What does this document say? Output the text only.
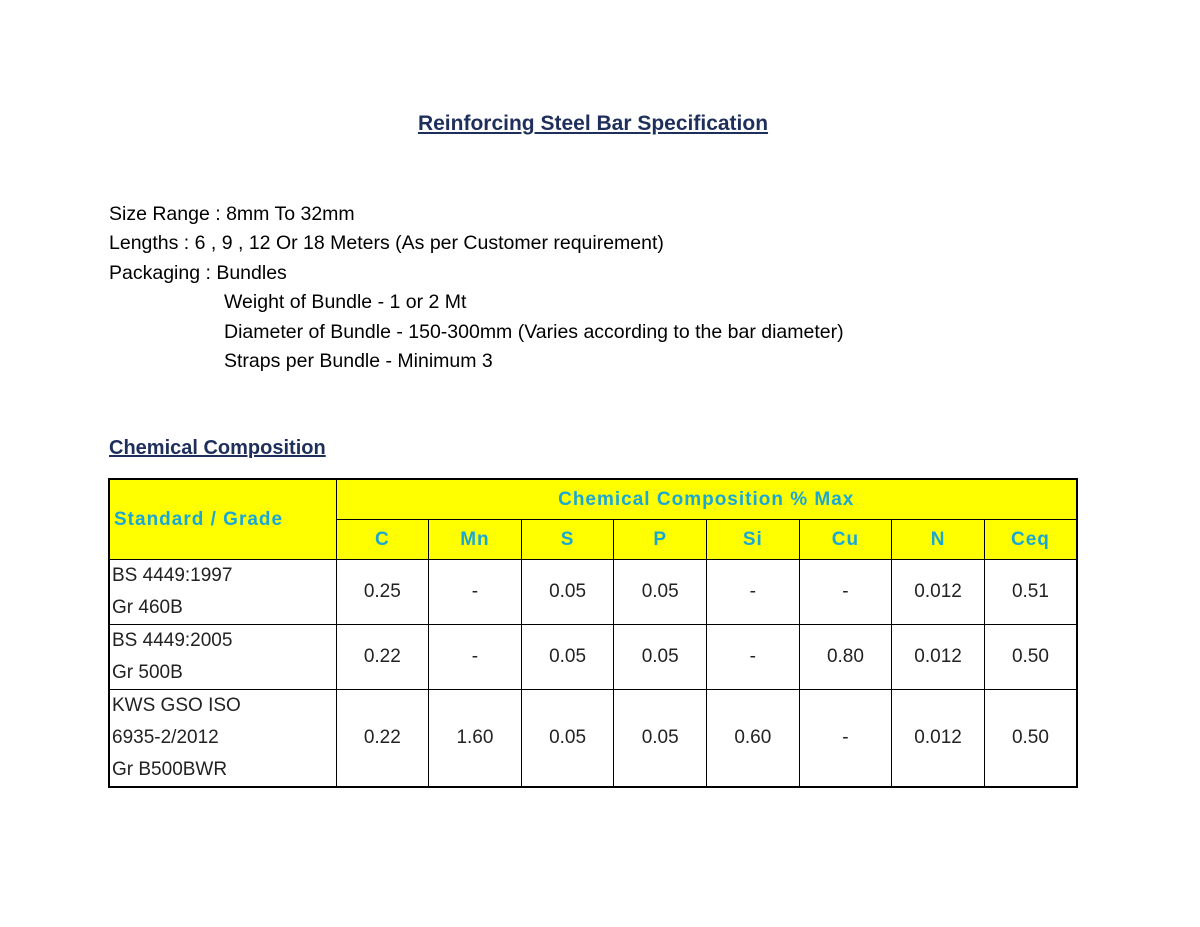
Reinforcing Steel Bar Specification
Size Range : 8mm To 32mm
Lengths : 6 , 9 , 12 Or 18 Meters (As per Customer requirement)
Packaging : Bundles
Weight of Bundle - 1 or 2 Mt
Diameter of Bundle - 150-300mm (Varies according to the bar diameter)
Straps per Bundle - Minimum 3
Chemical Composition
Standard / Grade	Chemical Composition % Max							
	C	Mn	S	P	Si	Cu	N	Ceq

BS 4449:1997
Gr 460B	0.25	-	0.05	0.05	-	-	0.012	0.51

BS 4449:2005
Gr 500B	0.22	-	0.05	0.05	-	0.80	0.012	0.50

KWS GSO ISO
6935-2/2012
Gr B500BWR	0.22	1.60	0.05	0.05	0.60	-	0.012	0.50
